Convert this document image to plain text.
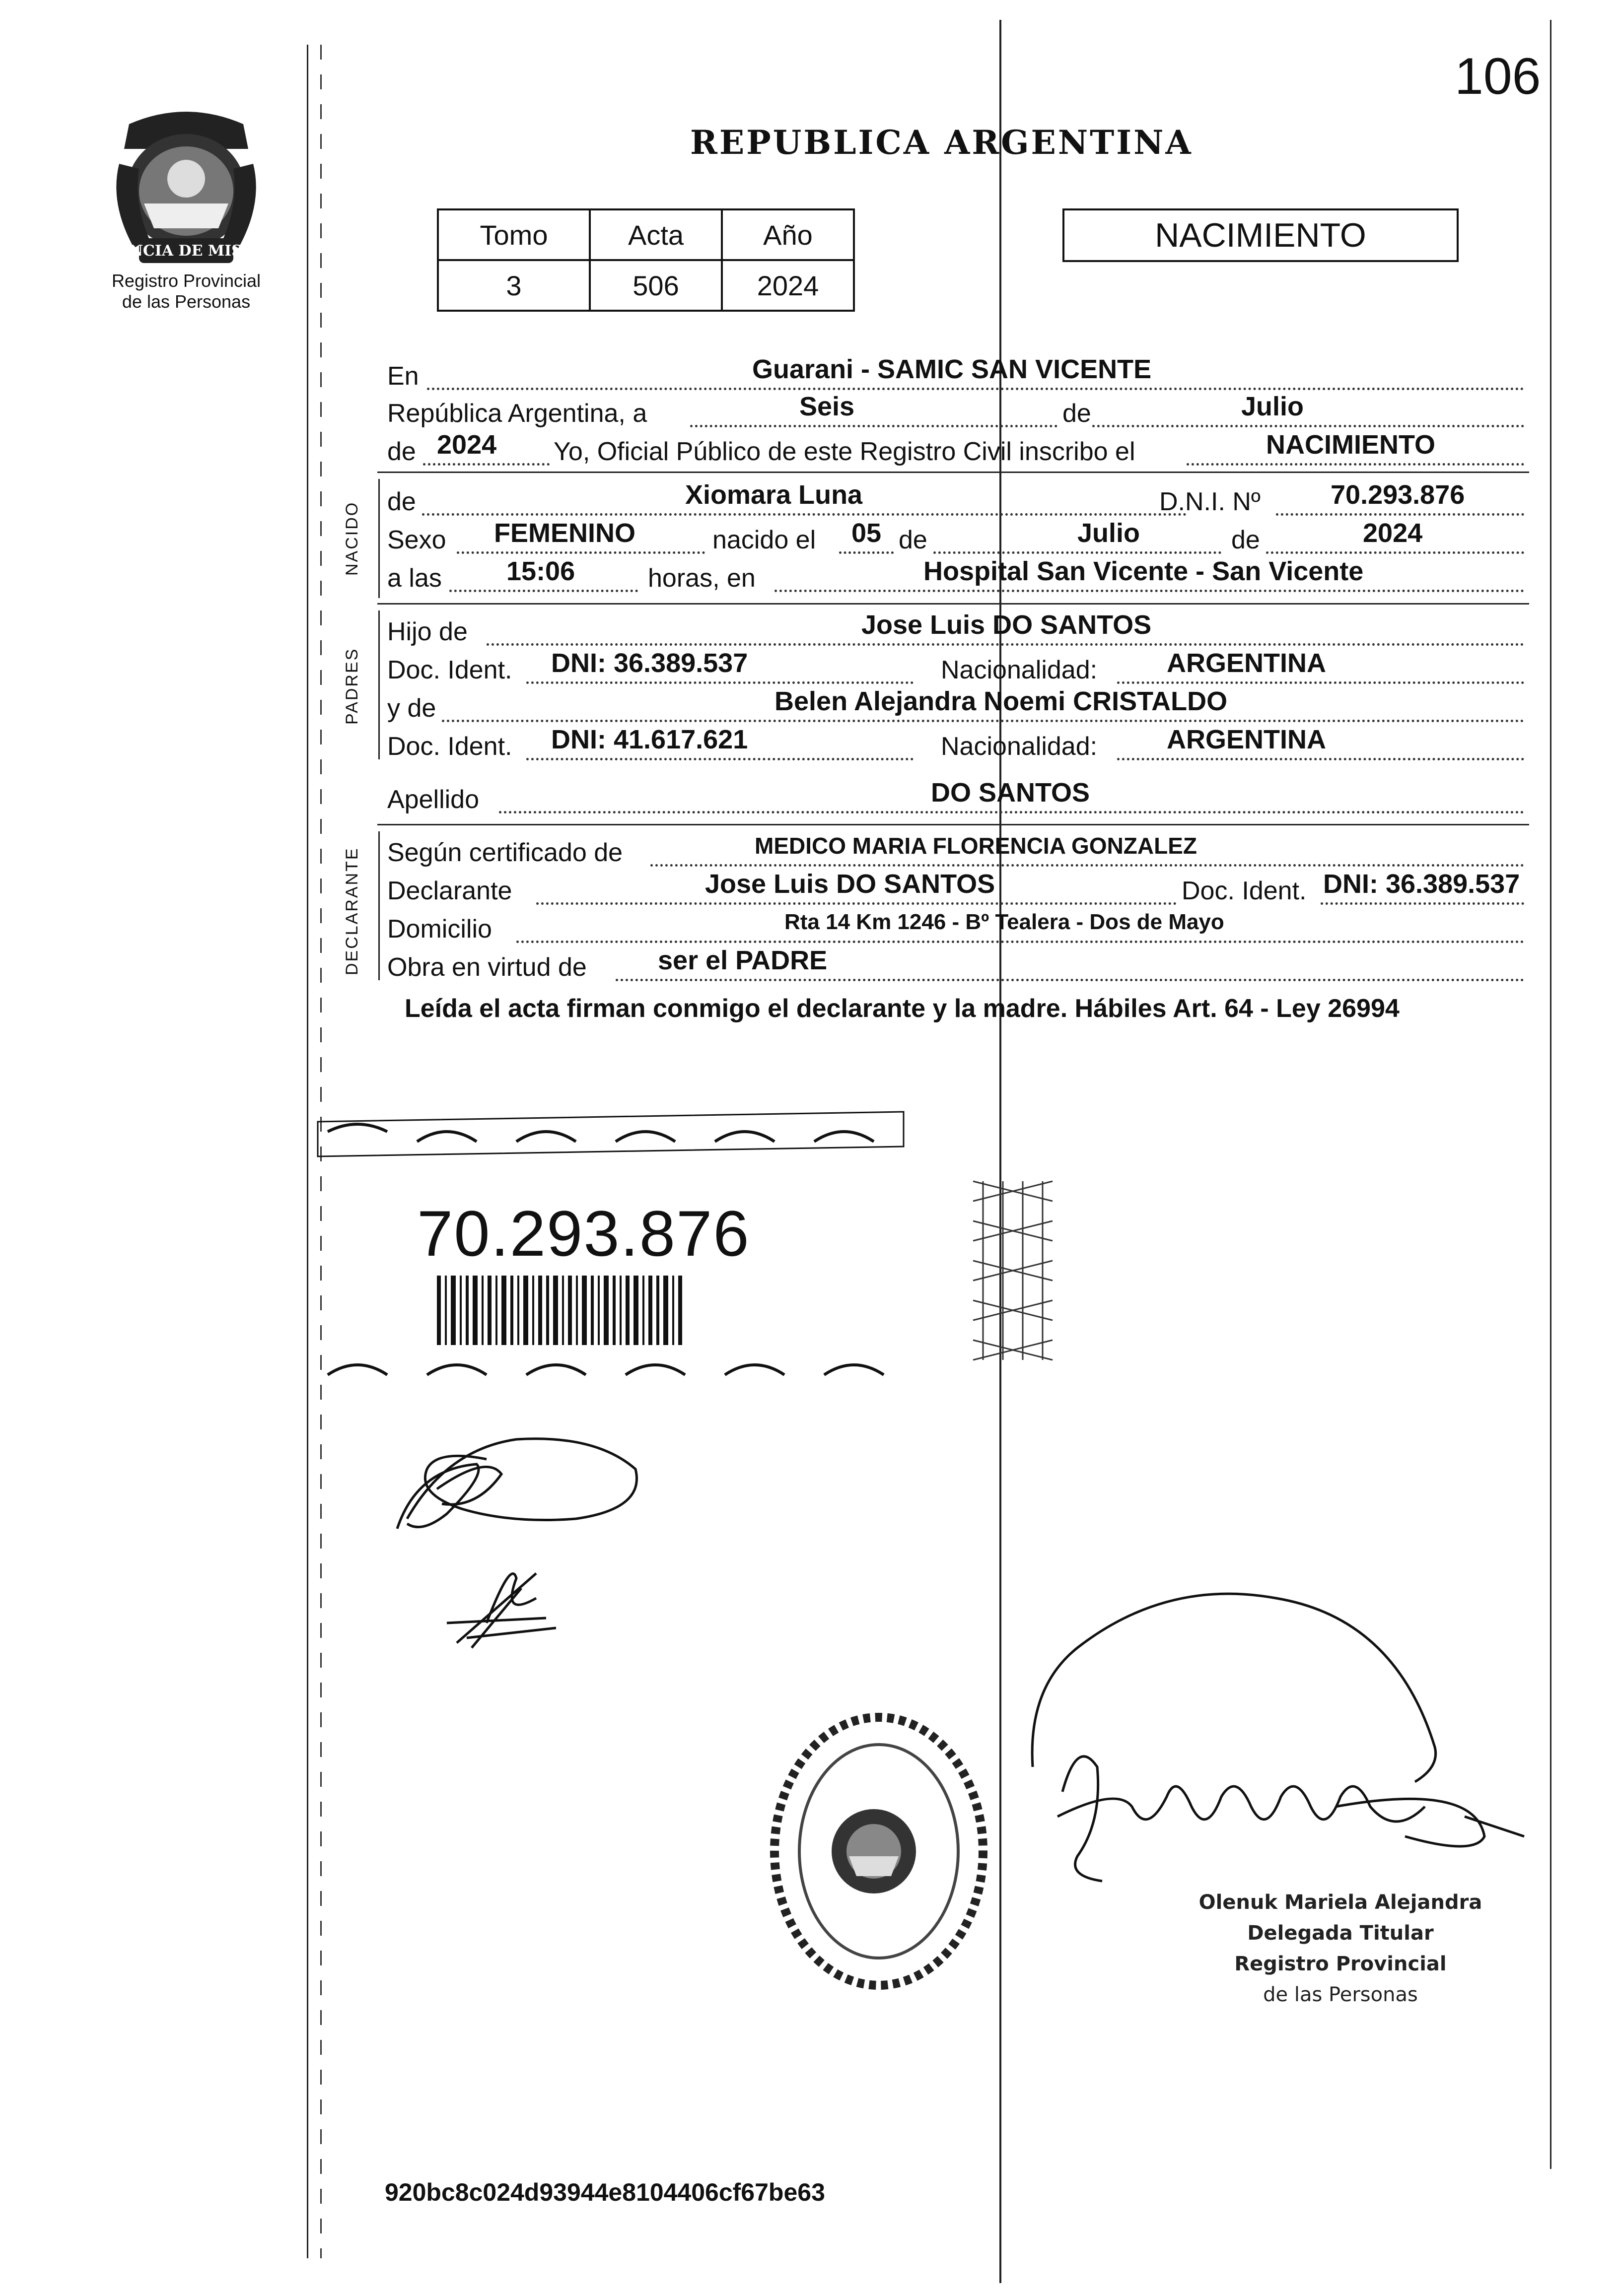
106
PROVINCIA DE MISIONES
Registro Provincial
de las Personas
REPUBLICA ARGENTINA
Tomo	Acta	Año
3	506	2024
NACIMIENTO
En	Guarani - SAMIC SAN VICENTE
República Argentina, a	Seis	de	Julio
de 2024 Yo, Oficial Público de este Registro Civil inscribo el	NACIMIENTO
NACIDO de	Xiomara Luna	D.N.I. Nº	70.293.876
Sexo FEMENINO	nacido el 05 de	Julio	de	2024
a las 15:06	horas, en	Hospital San Vicente - San Vicente
PADRES
Hijo de	Jose Luis DO SANTOS
Doc. Ident. DNI: 36.389.537	Nacionalidad:	ARGENTINA
y de	Belen Alejandra Noemi CRISTALDO
Doc. Ident. DNI: 41.617.621	Nacionalidad:	ARGENTINA
Apellido	DO SANTOS
DECLARANTE Según certificado de	MEDICO MARIA FLORENCIA GONZALEZ
Declarante	Jose Luis DO SANTOS	Doc. Ident. DNI: 36.389.537
Domicilio	Rta 14 Km 1246 - Bº Tealera - Dos de Mayo
Obra en virtud de	ser el PADRE
Leída el acta firman conmigo el declarante y la madre. Hábiles Art. 64 - Ley 26994
70.293.876
Olenuk Mariela Alejandra
Delegada Titular
Registro Provincial
de las Personas
920bc8c024d93944e8104406cf67be63
